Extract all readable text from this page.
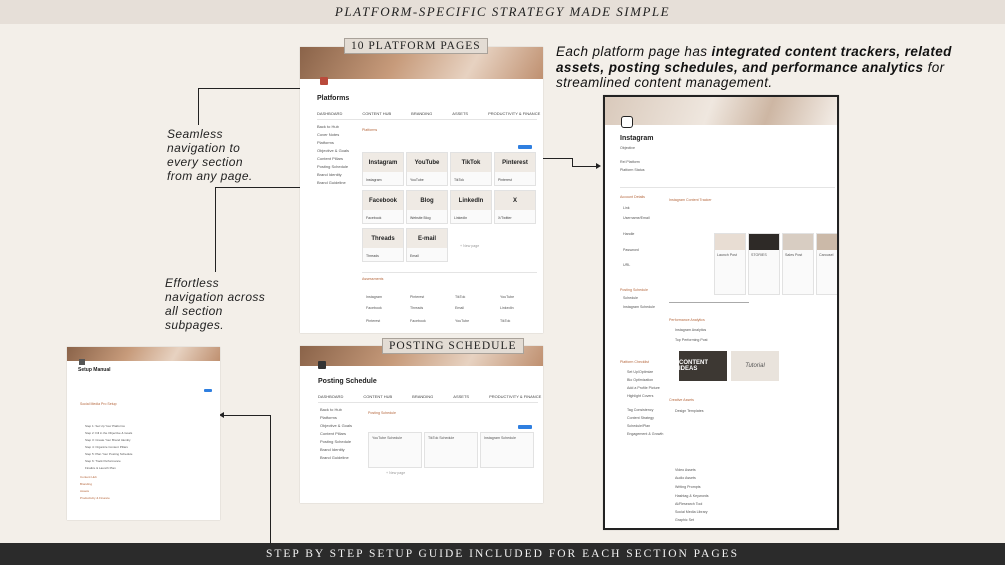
PLATFORM-SPECIFIC STRATEGY MADE SIMPLE
STEP BY STEP SETUP GUIDE INCLUDED FOR EACH SECTION PAGES
Seamless
navigation to
every section
from any page.
Effortless
navigation across
all section
subpages.
Each platform page has integrated content trackers, related assets, posting schedules, and performance analytics for streamlined content management.
Platforms
DASHBOARD	CONTENT HUB	BRANDING	ASSETS	PRODUCTIVITY & FINANCE
Back to Hub
Cover Notes
Platforms
Objective & Goals
Content Pillars
Posting Schedule
Brand Identity
Brand Guideline
Platforms
Instagram
Instagram
YouTube
YouTube
TikTok
TikTok
Pinterest
Pinterest
Facebook
Facebook
Blog
Website Blog
LinkedIn
LinkedIn
X
X/Twitter
Threads
Threads
E-mail
Email
+ New page
Assessments
Instagram	Pinterest	TikTok	YouTube
Facebook	Threads	Email	LinkedIn
Pinterest	Facebook	YouTube	TikTok
10 PLATFORM PAGES
Instagram
Objective
Rel Platform
Platform Status
Account Details
Link
Username/Email
Handle
Password
URL
Posting Schedule
Schedule
Instagram Schedule
Platform Checklist
Set Up/Optimize
Bio Optimization
Add a Profile Picture
Highlight Covers
Tag Consistency
Content Strategy
Schedule/Plan
Engagement & Growth
Instagram Content Tracker
Launch Post	STORIES	Sales Post	Carousel
Performance Analytics
Instagram Analytics
Top Performing Post
CONTENT IDEAS	Tutorial
Creative Assets
Design Templates
Video Assets
Audio Assets
Writing Prompts
Hashtag & Keywords
AI/Research Tool
Social Media Library
Graphic Set
Setup Manual
Social Media Pro Setup
Step 1: Set Up Your Platforms
Step 2: Fill in the Objective & Goals
Step 3: Create Your Brand Identity
Step 4: Organize Content Pillars
Step 5: Plan Your Posting Schedule
Step 6: Track Performance
Finalize & Launch Plan
Content Hub
Branding
Assets
Productivity & Finance
Posting Schedule
DASHBOARD	CONTENT HUB	BRANDING	ASSETS	PRODUCTIVITY & FINANCE
Back to Hub
Platforms
Objective & Goals
Content Pillars
Posting Schedule
Brand Identity
Brand Guideline
Posting Schedule
YouTube Schedule	TikTok Schedule	Instagram Schedule
+ New page
POSTING SCHEDULE
